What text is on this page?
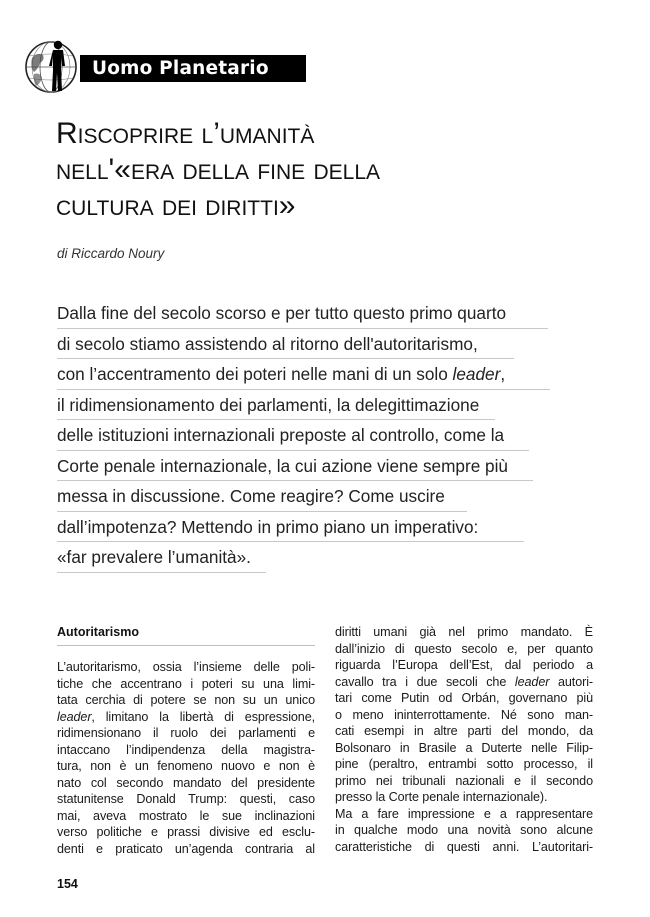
Uomo Planetario
Riscoprire l’umanità
nell'«era della fine della
cultura dei diritti»
di Riccardo Noury
Dalla fine del secolo scorso e per tutto questo primo quarto
di secolo stiamo assistendo al ritorno dell'autoritarismo,
con l’accentramento dei poteri nelle mani di un solo leader,
il ridimensionamento dei parlamenti, la delegittimazione
delle istituzioni internazionali preposte al controllo, come la
Corte penale internazionale, la cui azione viene sempre più
messa in discussione. Come reagire? Come uscire
dall’impotenza? Mettendo in primo piano un imperativo:
«far prevalere l’umanità».
Autoritarismo
L’autoritarismo, ossia l’insieme delle poli-
tiche che accentrano i poteri su una limi-
tata cerchia di potere se non su un unico
leader, limitano la libertà di espressione,
ridimensionano il ruolo dei parlamenti e
intaccano l’indipendenza della magistra-
tura, non è un fenomeno nuovo e non è
nato col secondo mandato del presidente
statunitense Donald Trump: questi, caso
mai, aveva mostrato le sue inclinazioni
verso politiche e prassi divisive ed esclu-
denti e praticato un’agenda contraria al
diritti umani già nel primo mandato. È
dall’inizio di questo secolo e, per quanto
riguarda l’Europa dell’Est, dal periodo a
cavallo tra i due secoli che leader autori-
tari come Putin od Orbán, governano più
o meno ininterrottamente. Né sono man-
cati esempi in altre parti del mondo, da
Bolsonaro in Brasile a Duterte nelle Filip-
pine (peraltro, entrambi sotto processo, il
primo nei tribunali nazionali e il secondo
presso la Corte penale internazionale).
Ma a fare impressione e a rappresentare
in qualche modo una novità sono alcune
caratteristiche di questi anni. L’autoritari-
154
